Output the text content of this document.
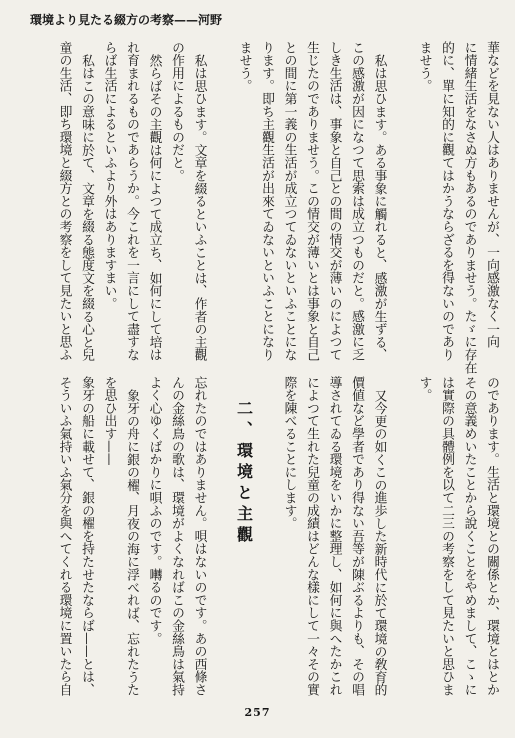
環境より見たる綴方の考察——河野

華などを見ない人はありませんが、一向感激なく一向

に情緒生活をなさぬ方もあるのでありませう。たゞに存在

的に、單に知的に觀てはかうならざるを得ないのであり

ませう。

私は思ひます。ある事象に觸れると、感激が生ずる、

この感激が因になつて思索は成立つものだと。感激に乏

しき生活は、事象と自己との間の情交が薄いのによつて

生じたのでありませう。この情交が薄いとは事象と自己

との間に第一義の生活が成立つてゐないといふことにな

ります。即ち主觀生活が出來てゐないといふことになり

ませう。

私は思ひます。文章を綴るといふことは、作者の主觀

の作用によるものだと。

然らばその主觀は何によつて成立ち、如何にして培は

れ育まれるものであらうか。今これを一言にして盡すな

らば生活によるといふより外はありますまい。

私はこの意味に於て、文章を綴る態度文を綴る心と兒

童の生活、即ち環境と綴方との考察をして見たいと思ふ

のであります。生活と環境との關係とか、環境とはとか

その意義めいたことから說くことをやめまして、こゝに

は實際の具體例を以て二三の考察をして見たいと思ひま

す。

又今更の如くこの進歩した新時代に於て環境の敎育的

價値など學者であり得ない吾等が陳ぶるよりも、その唱

導されてゐる環境をいかに整理し、如何に與へたかこれ

によつて生れた兒童の成績はどんな樣にして一々その實

際を陳べることにします。

二、環境と主觀

忘れたのではありません。唄はないのです。あの西條さ

んの金絲鳥の歌は、環境がよくなればこの金絲鳥は氣持

よく心ゆくばかりに唄ふのです。囀るのです。

象牙の舟に銀の櫂、月夜の海に浮べれば、忘れたうた

を思ひ出す——

象牙の船に載せて、銀の櫂を持たせたならば——とは、

そういふ氣持いふ氣分を與へてくれる環境に置いたら自

257
